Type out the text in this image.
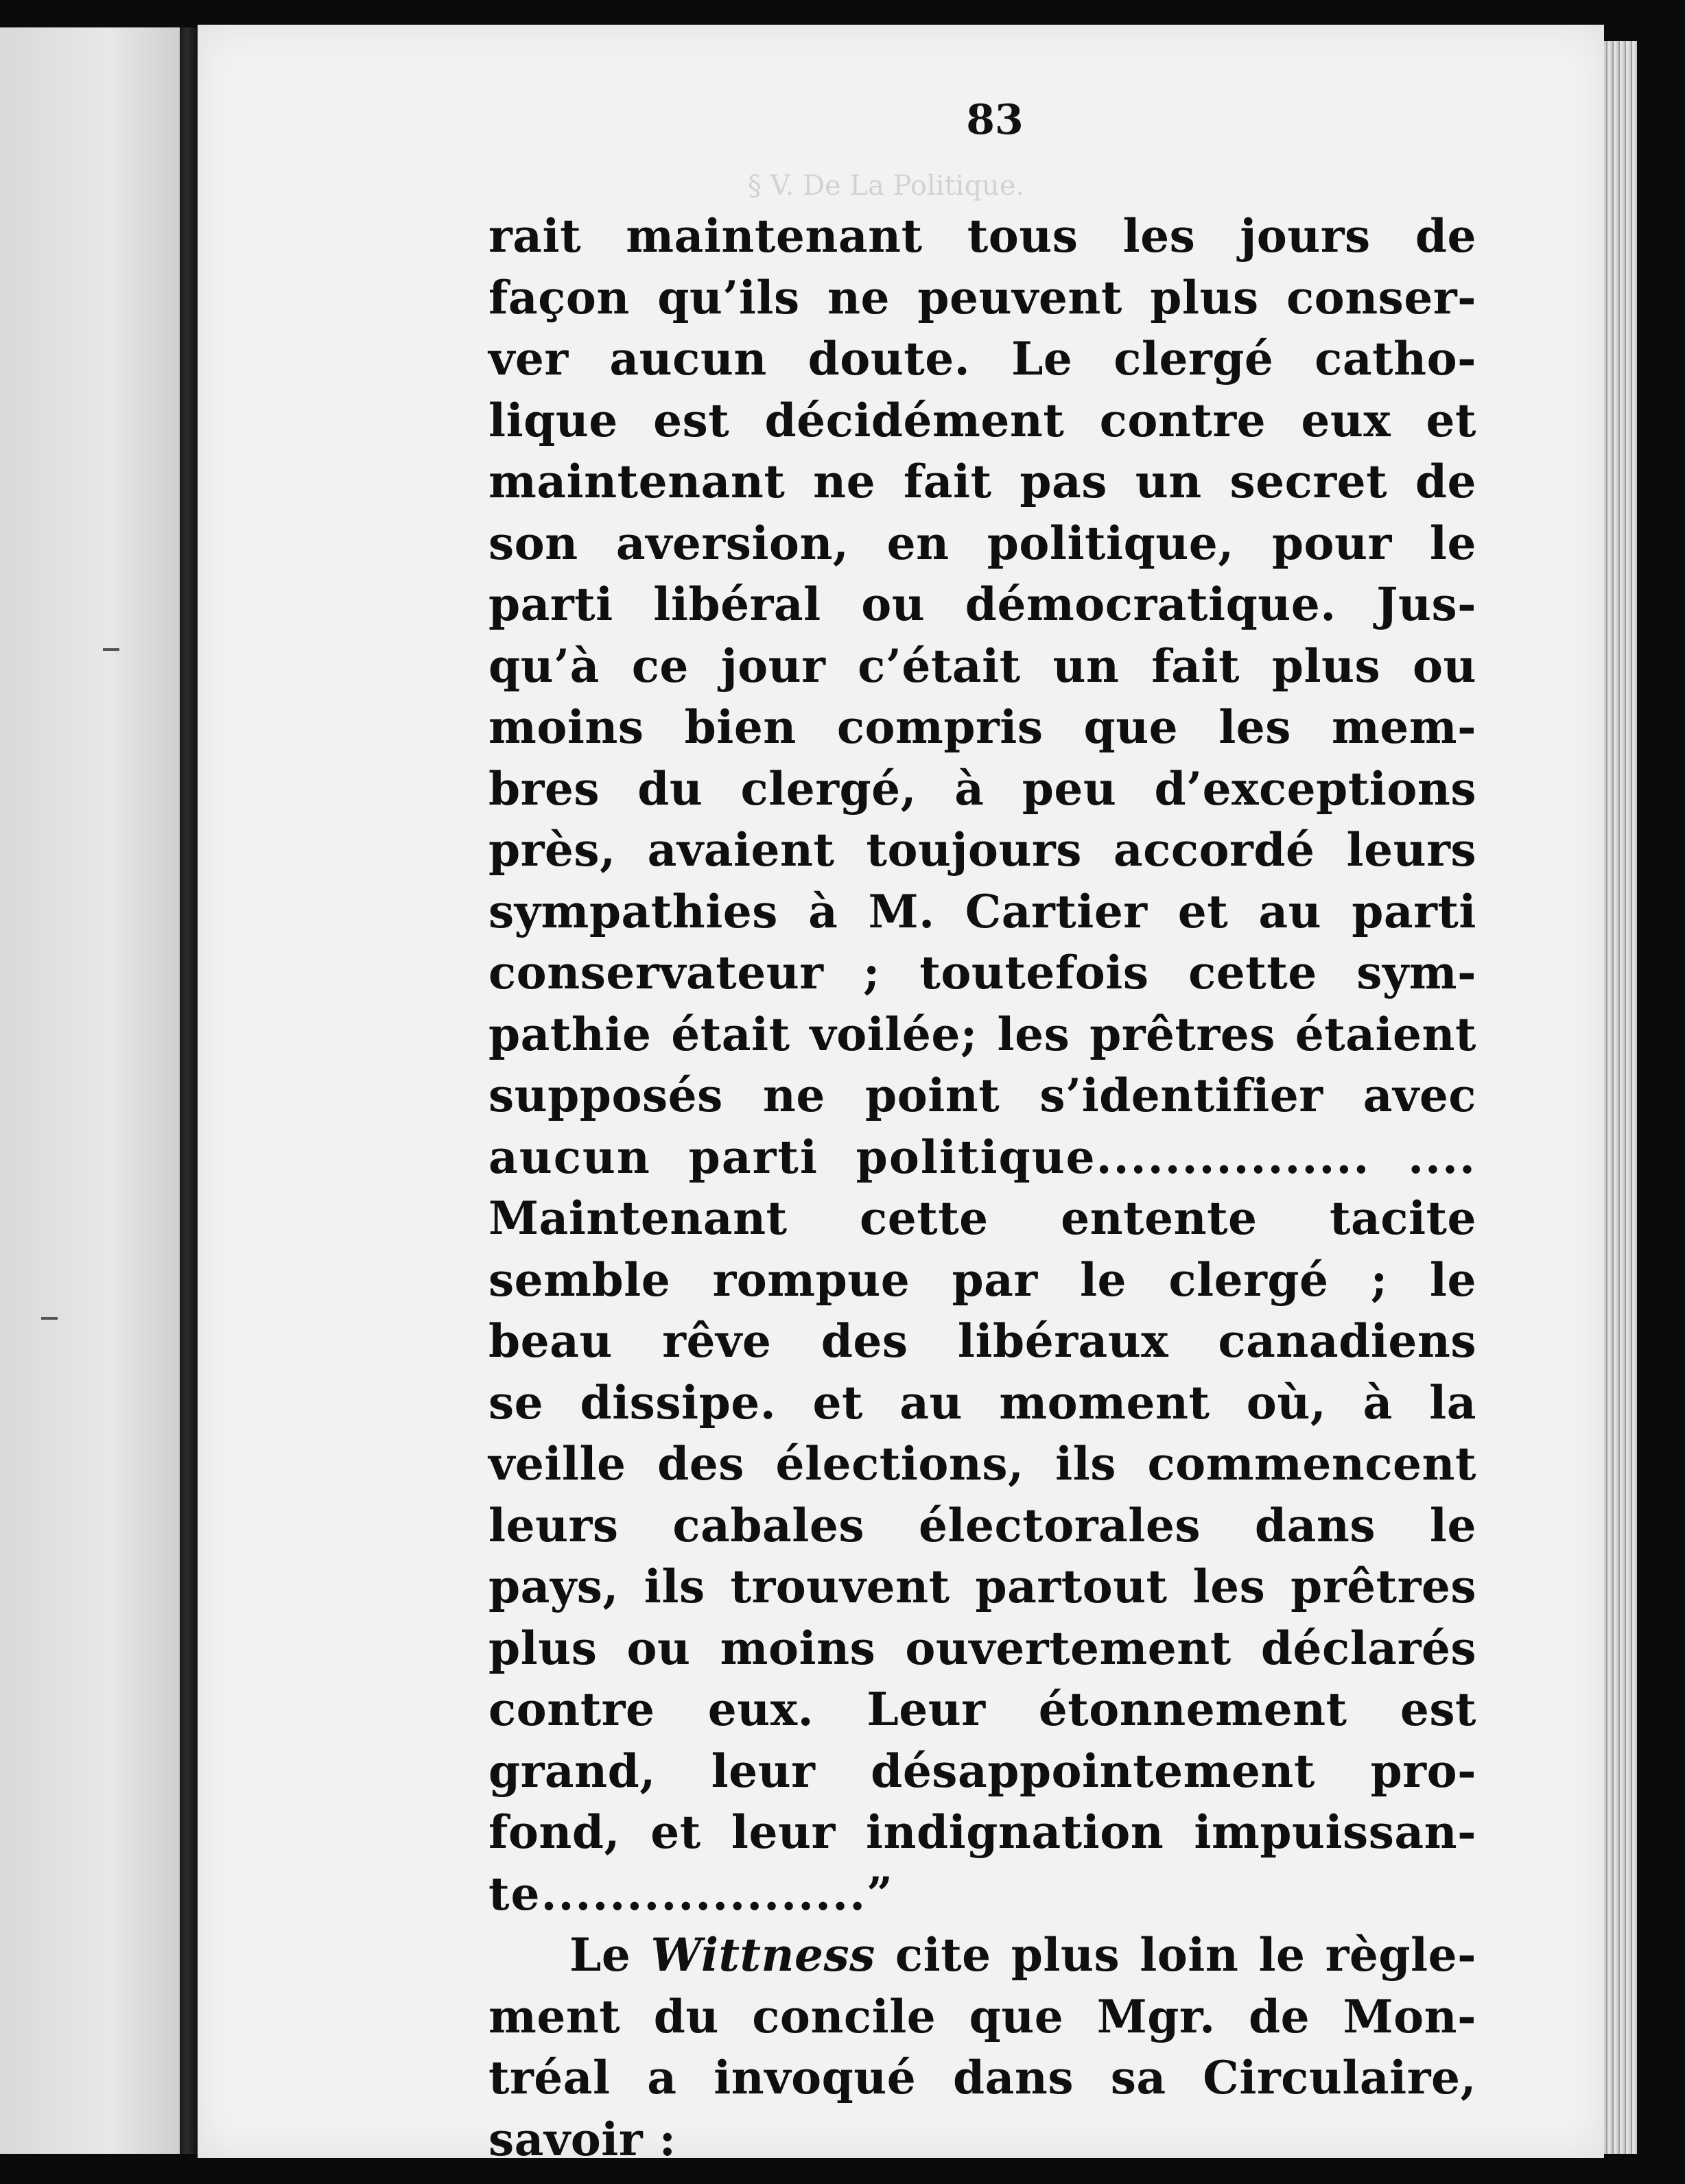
§ V. De La Politique.
83
rait maintenant tous les jours de
façon qu’ils ne peuvent plus conser-
ver aucun doute. Le clergé catho-
lique est décidément contre eux et
maintenant ne fait pas un secret de
son aversion, en politique, pour le
parti libéral ou démocratique. Jus-
qu’à ce jour c’était un fait plus ou
moins bien compris que les mem-
bres du clergé, à peu d’exceptions
près, avaient toujours accordé leurs
sympathies à M. Cartier et au parti
conservateur ; toutefois cette sym-
pathie était voilée; les prêtres étaient
supposés ne point s’identifier avec
aucun parti politique................ ....
Maintenant cette entente tacite
semble rompue par le clergé ; le
beau rêve des libéraux canadiens
se dissipe. et au moment où, à la
veille des élections, ils commencent
leurs cabales électorales dans le
pays, ils trouvent partout les prêtres
plus ou moins ouvertement déclarés
contre eux. Leur étonnement est
grand, leur désappointement pro-
fond, et leur indignation impuissan-
te...................”
Le Wittness cite plus loin le règle-
ment du concile que Mgr. de Mon-
tréal a invoqué dans sa Circulaire,
savoir :
